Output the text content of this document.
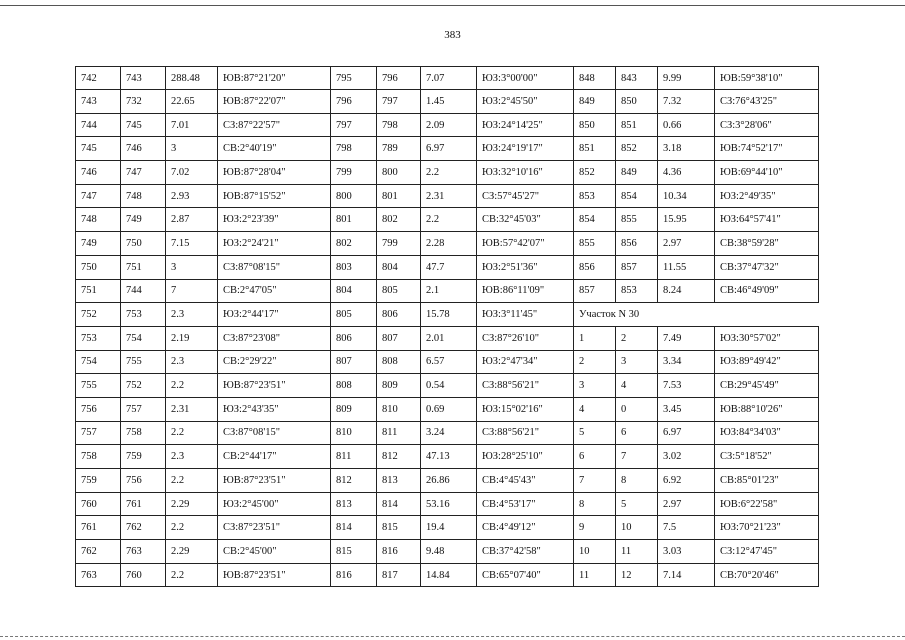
383
742	743	288.48	ЮВ:87°21'20"	795	796	7.07	ЮЗ:3°00'00"	848	843	9.99	ЮВ:59°38'10"
743	732	22.65	ЮВ:87°22'07"	796	797	1.45	ЮЗ:2°45'50"	849	850	7.32	СЗ:76°43'25"
744	745	7.01	СЗ:87°22'57"	797	798	2.09	ЮЗ:24°14'25"	850	851	0.66	СЗ:3°28'06"
745	746	3	СВ:2°40'19"	798	789	6.97	ЮЗ:24°19'17"	851	852	3.18	ЮВ:74°52'17"
746	747	7.02	ЮВ:87°28'04"	799	800	2.2	ЮЗ:32°10'16"	852	849	4.36	ЮВ:69°44'10"
747	748	2.93	ЮВ:87°15'52"	800	801	2.31	СЗ:57°45'27"	853	854	10.34	ЮЗ:2°49'35"
748	749	2.87	ЮЗ:2°23'39"	801	802	2.2	СВ:32°45'03"	854	855	15.95	ЮЗ:64°57'41"
749	750	7.15	ЮЗ:2°24'21"	802	799	2.28	ЮВ:57°42'07"	855	856	2.97	СВ:38°59'28"
750	751	3	СЗ:87°08'15"	803	804	47.7	ЮЗ:2°51'36"	856	857	11.55	СВ:37°47'32"
751	744	7	СВ:2°47'05"	804	805	2.1	ЮВ:86°11'09"	857	853	8.24	СВ:46°49'09"
752	753	2.3	ЮЗ:2°44'17"	805	806	15.78	ЮЗ:3°11'45"	Участок N 30			
753	754	2.19	СЗ:87°23'08"	806	807	2.01	СЗ:87°26'10"	1	2	7.49	ЮЗ:30°57'02"
754	755	2.3	СВ:2°29'22"	807	808	6.57	ЮЗ:2°47'34"	2	3	3.34	ЮЗ:89°49'42"
755	752	2.2	ЮВ:87°23'51"	808	809	0.54	СЗ:88°56'21"	3	4	7.53	СВ:29°45'49"
756	757	2.31	ЮЗ:2°43'35"	809	810	0.69	ЮЗ:15°02'16"	4	0	3.45	ЮВ:88°10'26"
757	758	2.2	СЗ:87°08'15"	810	811	3.24	СЗ:88°56'21"	5	6	6.97	ЮЗ:84°34'03"
758	759	2.3	СВ:2°44'17"	811	812	47.13	ЮЗ:28°25'10"	6	7	3.02	СЗ:5°18'52"
759	756	2.2	ЮВ:87°23'51"	812	813	26.86	СВ:4°45'43"	7	8	6.92	СВ:85°01'23"
760	761	2.29	ЮЗ:2°45'00"	813	814	53.16	СВ:4°53'17"	8	5	2.97	ЮВ:6°22'58"
761	762	2.2	СЗ:87°23'51"	814	815	19.4	СВ:4°49'12"	9	10	7.5	ЮЗ:70°21'23"
762	763	2.29	СВ:2°45'00"	815	816	9.48	СВ:37°42'58"	10	11	3.03	СЗ:12°47'45"
763	760	2.2	ЮВ:87°23'51"	816	817	14.84	СВ:65°07'40"	11	12	7.14	СВ:70°20'46"
